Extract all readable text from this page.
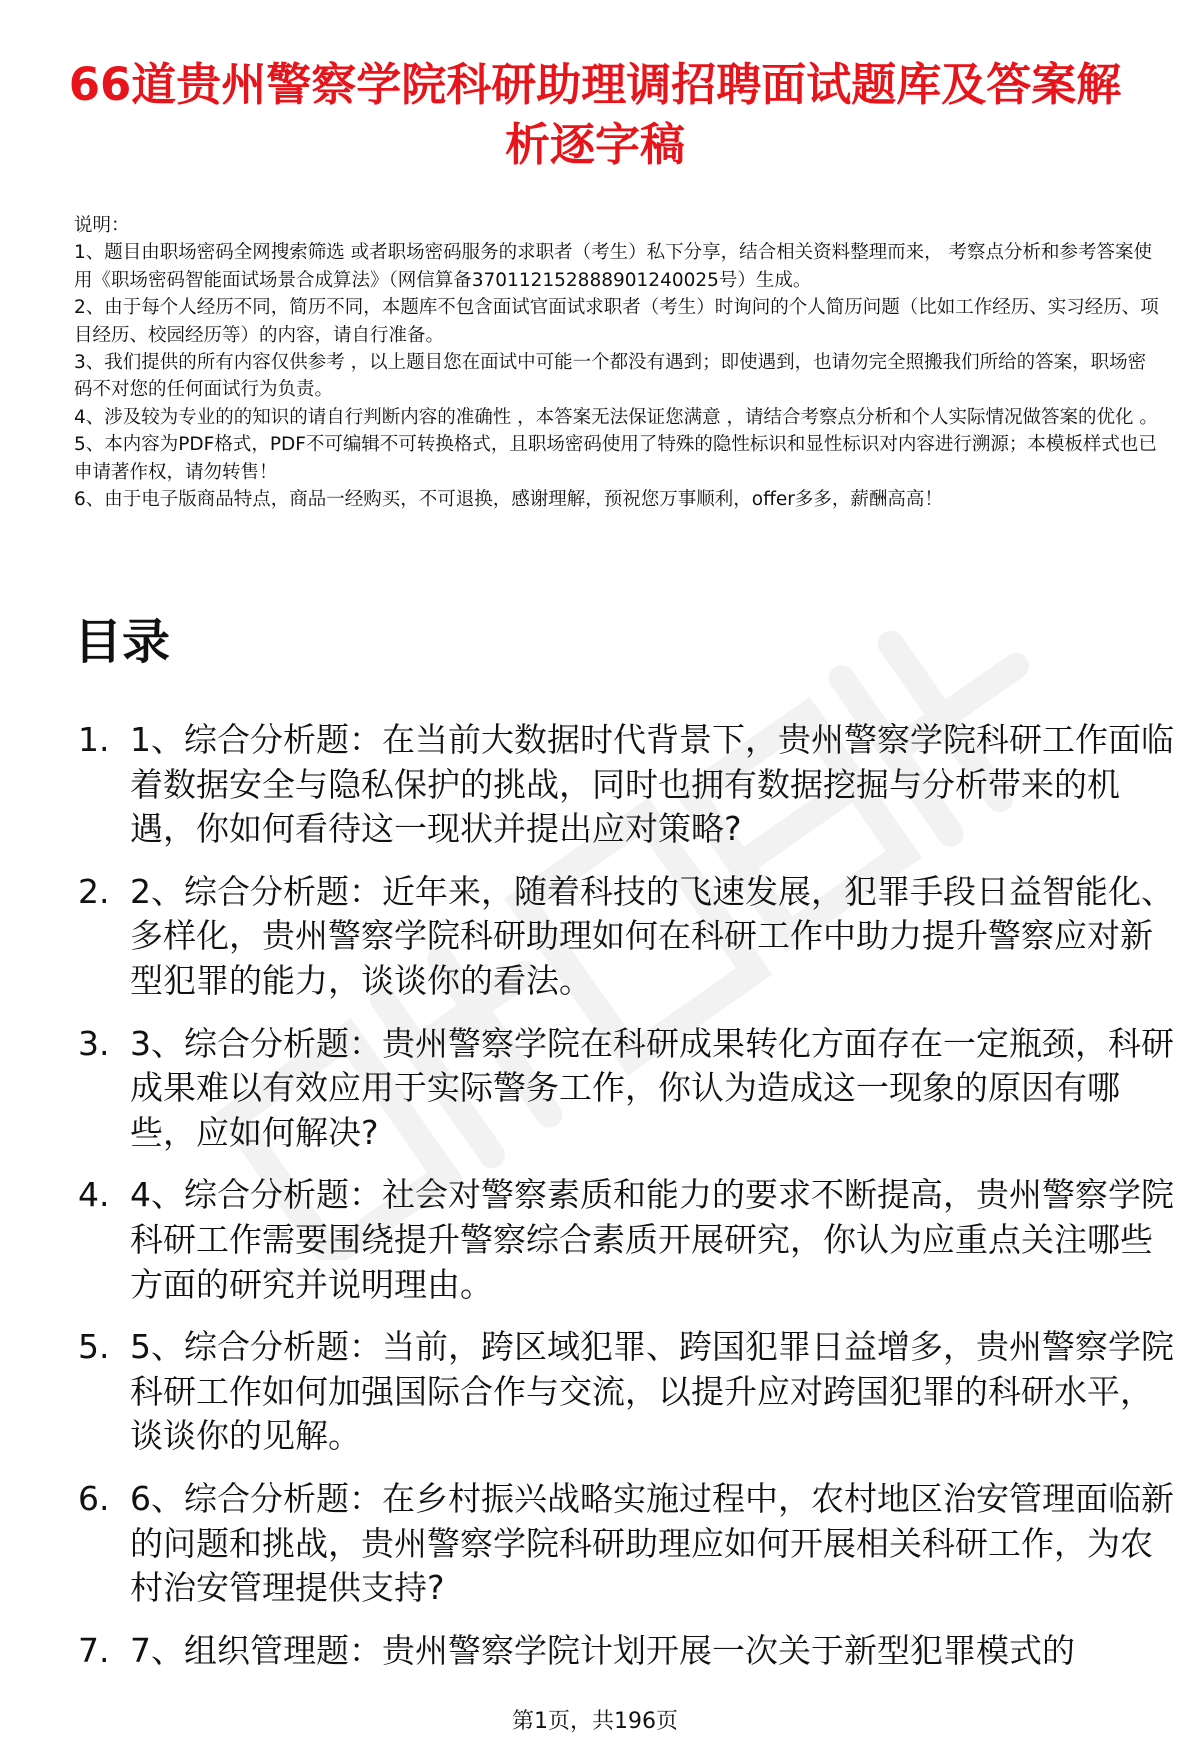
66道贵州警察学院科研助理调招聘面试题库及答案解析逐字稿

说明：

1、题目由职场密码全网搜索筛选 或者职场密码服务的求职者（考生）私下分享，结合相关资料整理而来， 考察点分析和参考答案使用《职场密码智能面试场景合成算法》（网信算备370112152888901240025号）生成。

2、由于每个人经历不同，简历不同，本题库不包含面试官面试求职者（考生）时询问的个人简历问题（比如工作经历、实习经历、项目经历、校园经历等）的内容，请自行准备。

3、我们提供的所有内容仅供参考 ，以上题目您在面试中可能一个都没有遇到；即使遇到，也请勿完全照搬我们所给的答案，职场密码不对您的任何面试行为负责。

4、涉及较为专业的的知识的请自行判断内容的准确性 ，本答案无法保证您满意 ，请结合考察点分析和个人实际情况做答案的优化 。

5、本内容为PDF格式，PDF不可编辑不可转换格式，且职场密码使用了特殊的隐性标识和显性标识对内容进行溯源；本模板样式也已申请著作权，请勿转售！

6、由于电子版商品特点，商品一经购买，不可退换，感谢理解，预祝您万事顺利，offer多多，薪酬高高！

目录
1. 1、综合分析题：在当前大数据时代背景下，贵州警察学院科研工作面临着数据安全与隐私保护的挑战，同时也拥有数据挖掘与分析带来的机遇，你如何看待这一现状并提出应对策略?
2. 2、综合分析题：近年来，随着科技的飞速发展，犯罪手段日益智能化、多样化，贵州警察学院科研助理如何在科研工作中助力提升警察应对新型犯罪的能力，谈谈你的看法。
3. 3、综合分析题：贵州警察学院在科研成果转化方面存在一定瓶颈，科研成果难以有效应用于实际警务工作，你认为造成这一现象的原因有哪些，应如何解决?
4. 4、综合分析题：社会对警察素质和能力的要求不断提高，贵州警察学院科研工作需要围绕提升警察综合素质开展研究，你认为应重点关注哪些方面的研究并说明理由。
5. 5、综合分析题：当前，跨区域犯罪、跨国犯罪日益增多，贵州警察学院科研工作如何加强国际合作与交流，以提升应对跨国犯罪的科研水平，谈谈你的见解。
6. 6、综合分析题：在乡村振兴战略实施过程中，农村地区治安管理面临新的问题和挑战，贵州警察学院科研助理应如何开展相关科研工作，为农村治安管理提供支持?
7. 7、组织管理题：贵州警察学院计划开展一次关于新型犯罪模式的
第1页，共196页
